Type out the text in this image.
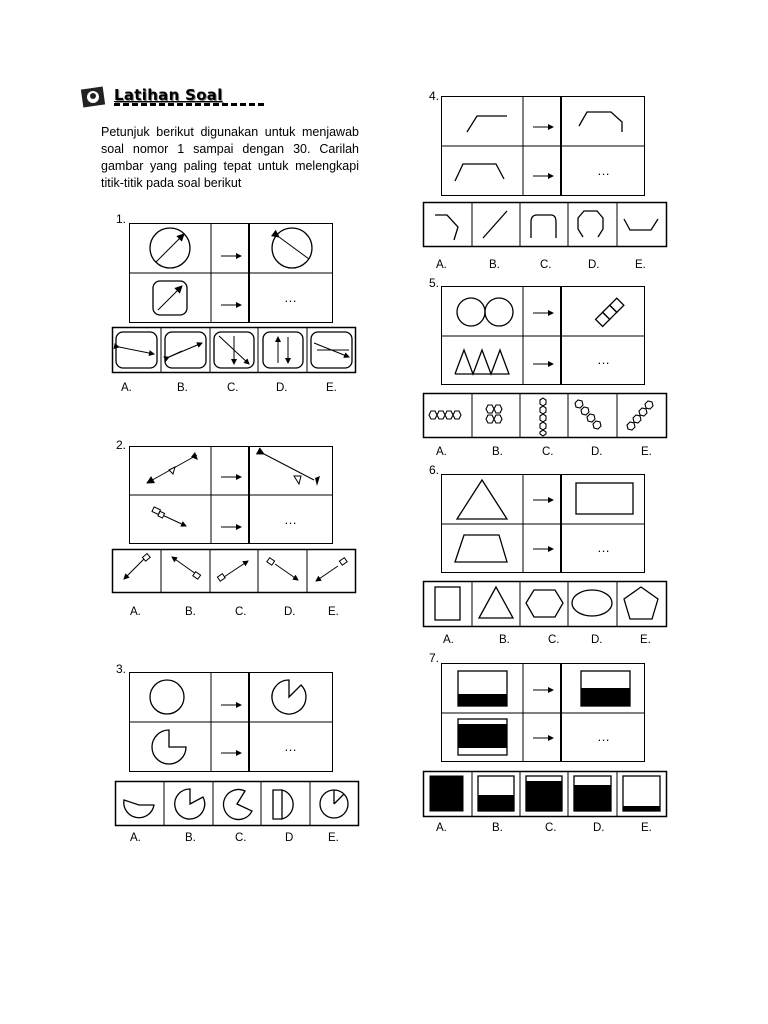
Latihan Soal
Petunjuk berikut digunakan untuk menjawab soal nomor 1 sampai dengan 30. Carilah gambar yang paling tepat untuk melengkapi titik-titik pada soal berikut
1.
…
A.	B.	C.	D.	E.
2.
…
A.	B.	C.	D.	E.
3.
…
A.	B.	C.	D	E.
4.
…
A.	B.	C.	D.	E.
5.
…
A.	B.	C.	D.	E.
6.
…
A.	B.	C.	D.	E.
7.
…
A.	B.	C.	D.	E.
